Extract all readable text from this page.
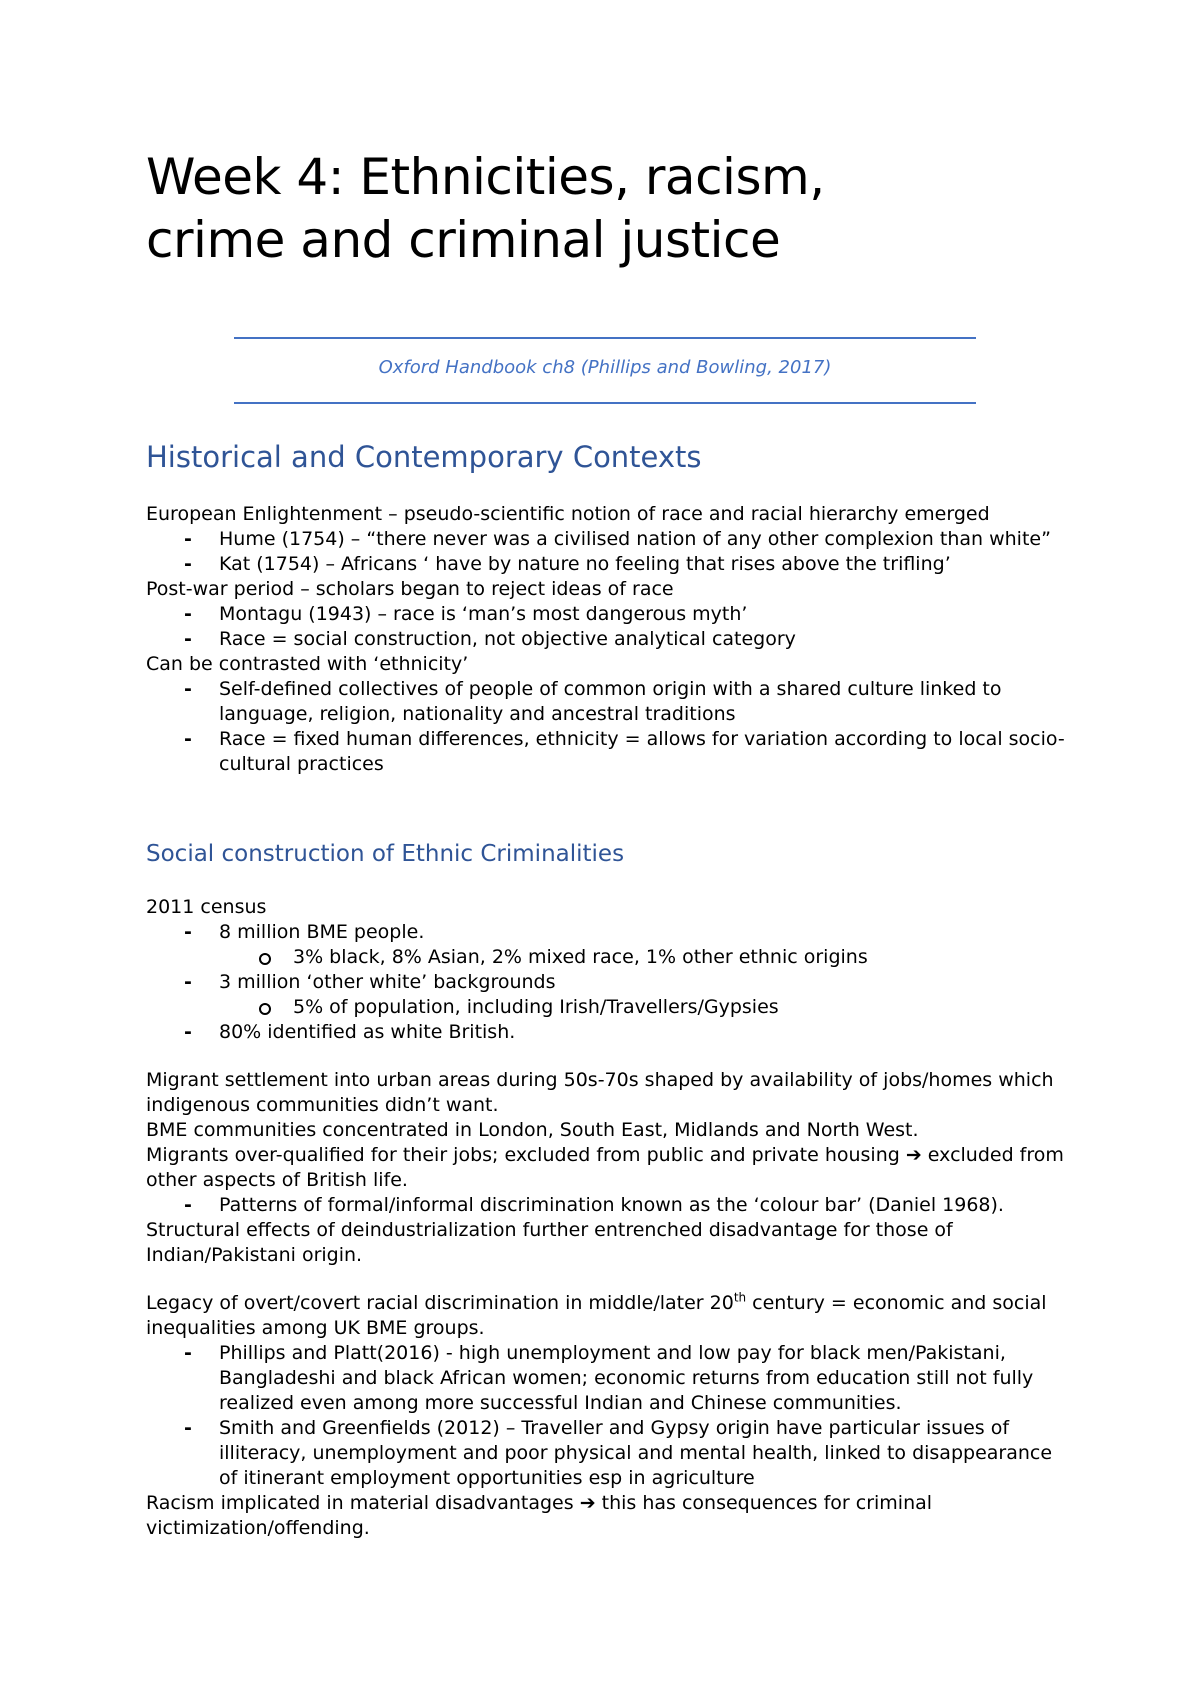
Week 4: Ethnicities, racism,
crime and criminal justice
Oxford Handbook ch8 (Phillips and Bowling, 2017)
Historical and Contemporary Contexts

European Enlightenment – pseudo-scientific notion of race and racial hierarchy emerged

- Hume (1754) – “there never was a civilised nation of any other complexion than white”

- Kat (1754) – Africans ‘ have by nature no feeling that rises above the trifling’

Post-war period – scholars began to reject ideas of race

- Montagu (1943) – race is ‘man’s most dangerous myth’

- Race = social construction, not objective analytical category

Can be contrasted with ‘ethnicity’

- Self-defined collectives of people of common origin with a shared culture linked to language, religion, nationality and ancestral traditions

- Race = fixed human differences, ethnicity = allows for variation according to local socio-cultural practices

Social construction of Ethnic Criminalities

2011 census

- 8 million BME people.

3% black, 8% Asian, 2% mixed race, 1% other ethnic origins

- 3 million ‘other white’ backgrounds

5% of population, including Irish/Travellers/Gypsies

- 80% identified as white British.

Migrant settlement into urban areas during 50s-70s shaped by availability of jobs/homes which indigenous communities didn’t want.

BME communities concentrated in London, South East, Midlands and North West.

Migrants over-qualified for their jobs; excluded from public and private housing ➔ excluded from other aspects of British life.

- Patterns of formal/informal discrimination known as the ‘colour bar’ (Daniel 1968).

Structural effects of deindustrialization further entrenched disadvantage for those of Indian/Pakistani origin.

Legacy of overt/covert racial discrimination in middle/later 20th century = economic and social inequalities among UK BME groups.

- Phillips and Platt(2016) - high unemployment and low pay for black men/Pakistani, Bangladeshi and black African women; economic returns from education still not fully realized even among more successful Indian and Chinese communities.

- Smith and Greenfields (2012) – Traveller and Gypsy origin have particular issues of illiteracy, unemployment and poor physical and mental health, linked to disappearance of itinerant employment opportunities esp in agriculture

Racism implicated in material disadvantages ➔ this has consequences for criminal victimization/offending.
